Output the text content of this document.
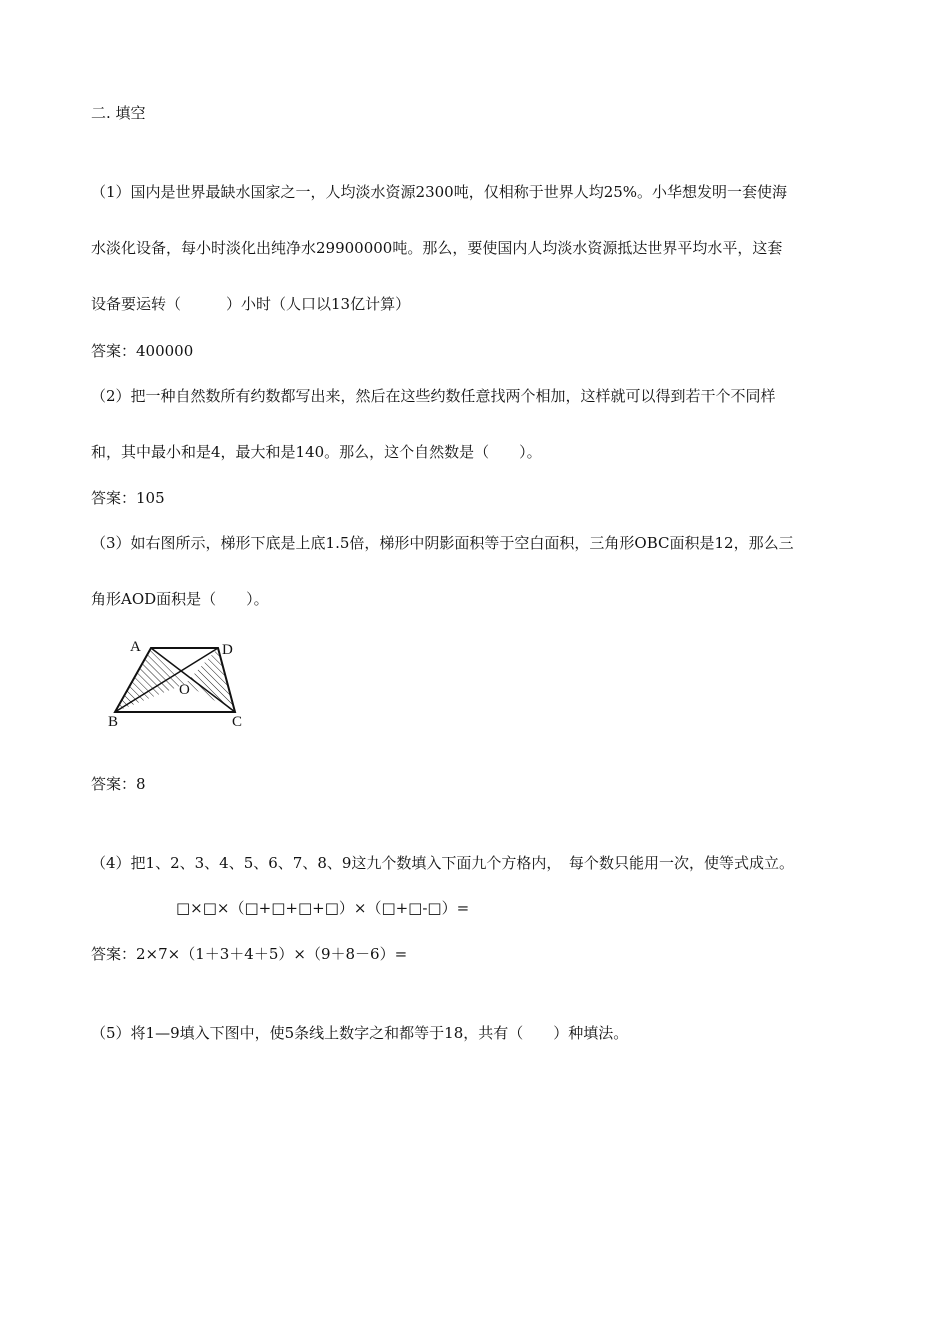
二. 填空
（1）国内是世界最缺水国家之一，人均淡水资源2300吨，仅相称于世界人均25%。小华想发明一套使海
水淡化设备，每小时淡化出纯净水29900000吨。那么，要使国内人均淡水资源抵达世界平均水平，这套
设备要运转（　　　）小时（人口以13亿计算）
答案：400000
（2）把一种自然数所有约数都写出来，然后在这些约数任意找两个相加，这样就可以得到若干个不同样
和，其中最小和是4，最大和是140。那么，这个自然数是（　　）。
答案：105
（3）如右图所示，梯形下底是上底1.5倍，梯形中阴影面积等于空白面积，三角形OBC面积是12，那么三
角形AOD面积是（　　）。
A	D
O
B	C
答案：8
（4）把1、2、3、4、5、6、7、8、9这九个数填入下面九个方格内，　每个数只能用一次，使等式成立。
□×□×（□+□+□+□）×（□+□-□）=
答案：2×7×（1＋3＋4＋5）×（9＋8－6）=
（5）将1—9填入下图中，使5条线上数字之和都等于18，共有（　　）种填法。
